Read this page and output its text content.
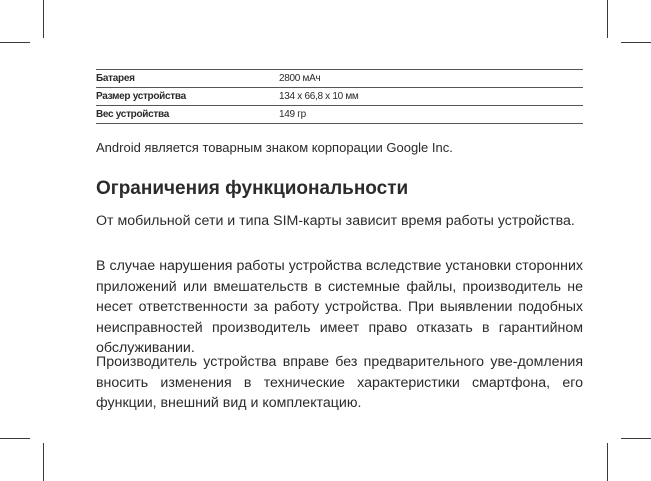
Батарея	2800 мАч
Размер устройства	134 х 66,8 х 10 мм
Вес устройства	149 гр
Android является товарным знаком корпорации Google Inc.
Ограничения функциональности

От мобильной сети и типа SIM-карты зависит время работы устройства.

В случае нарушения работы устройства вследствие установки сторонних приложений или вмешательств в системные файлы, производитель не несет ответственности за работу устройства. При выявлении подобных неисправностей производитель имеет право отказать в гарантийном обслуживании.

Производитель устройства вправе без предварительного уве-домления вносить изменения в технические характеристики смартфона, его функции, внешний вид и комплектацию.
